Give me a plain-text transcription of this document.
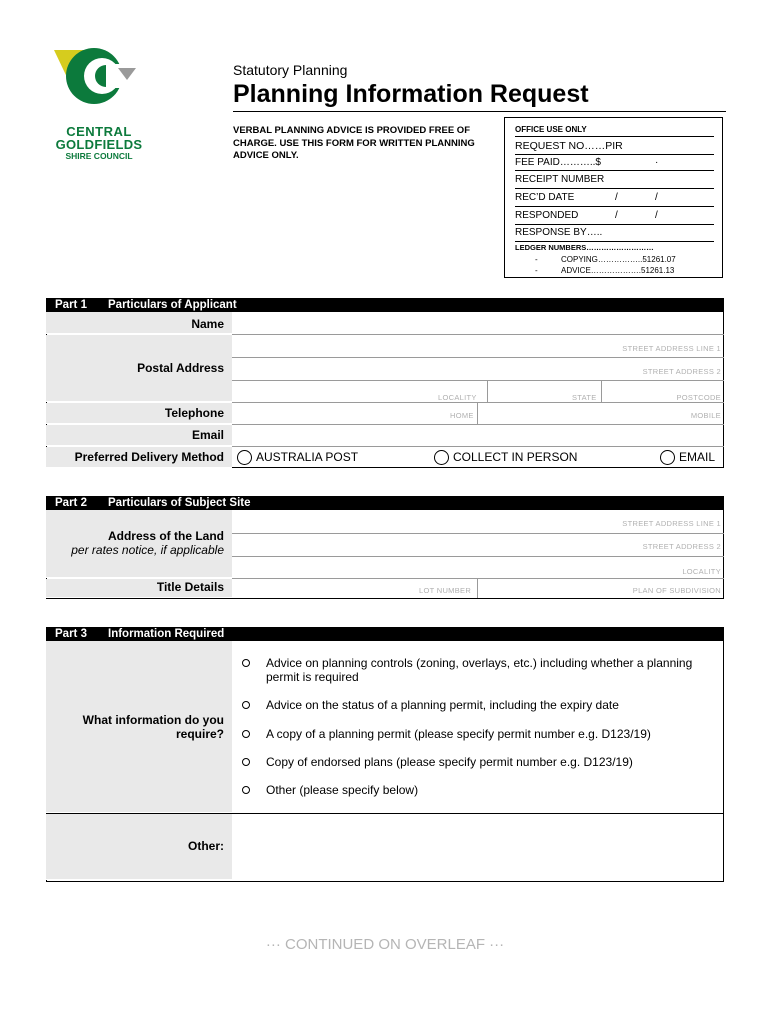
CENTRAL
GOLDFIELDS
SHIRE COUNCIL
Statutory Planning
Planning Information Request
VERBAL PLANNING ADVICE IS PROVIDED FREE OF CHARGE. USE THIS FORM FOR WRITTEN PLANNING ADVICE ONLY.
OFFICE USE ONLY
REQUEST NO……PIR
FEE PAID………..$	·
RECEIPT NUMBER
REC’D DATE	/	/
RESPONDED	/	/
RESPONSE BY…..
LEDGER NUMBERS………………………
-	COPYING……………..51261.07
-	ADVICE……………….51261.13
Part 1 Particulars of Applicant
Name
Postal Address
STREET ADDRESS LINE 1
STREET ADDRESS 2
LOCALITY	STATE	POSTCODE
Telephone	HOME	MOBILE
Email
Preferred Delivery Method	AUSTRALIA POST	COLLECT IN PERSON	EMAIL
Part 2 Particulars of Subject Site
Address of the Land
per rates notice, if applicable
STREET ADDRESS LINE 1
STREET ADDRESS 2
LOCALITY
Title Details	LOT NUMBER	PLAN OF SUBDIVISION
Part 3 Information Required
What information do you
require?
Advice on planning controls (zoning, overlays, etc.) including whether a planning permit is required
Advice on the status of a planning permit, including the expiry date
A copy of a planning permit (please specify permit number e.g. D123/19)
Copy of endorsed plans (please specify permit number e.g. D123/19)
Other (please specify below)
Other:
··· CONTINUED ON OVERLEAF ···
